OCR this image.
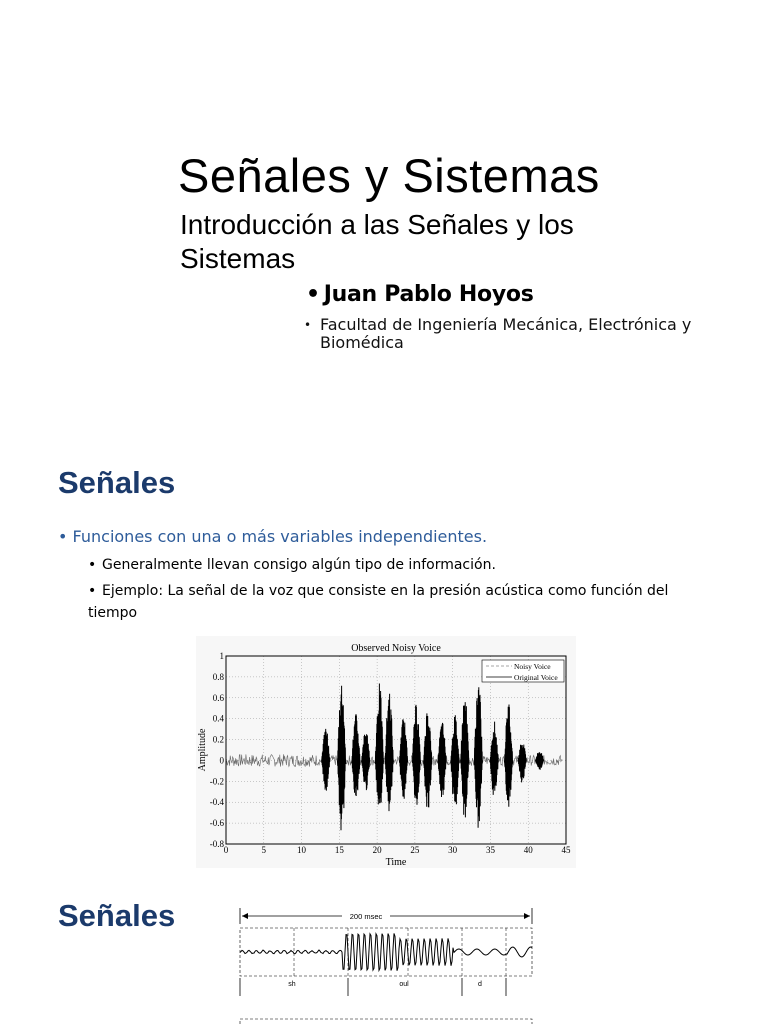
Señales y Sistemas
Introducción a las Señales y los Sistemas
• Juan Pablo Hoyos
• Facultad de Ingeniería Mecánica, Electrónica y Biomédica
Señales
• Funciones con una o más variables independientes.
• Generalmente llevan consigo algún tipo de información.
• Ejemplo: La señal de la voz que consiste en la presión acústica como función del tiempo
0	5	10	15	20	25	30	35	40	45
1
0.8
0.6
0.4
0.2
0
-0.2
-0.4
-0.6
-0.8
Observed Noisy Voice
Time
Amplitude
Noisy Voice
Original Voice
Señales	200 msec
sh	oul	d
